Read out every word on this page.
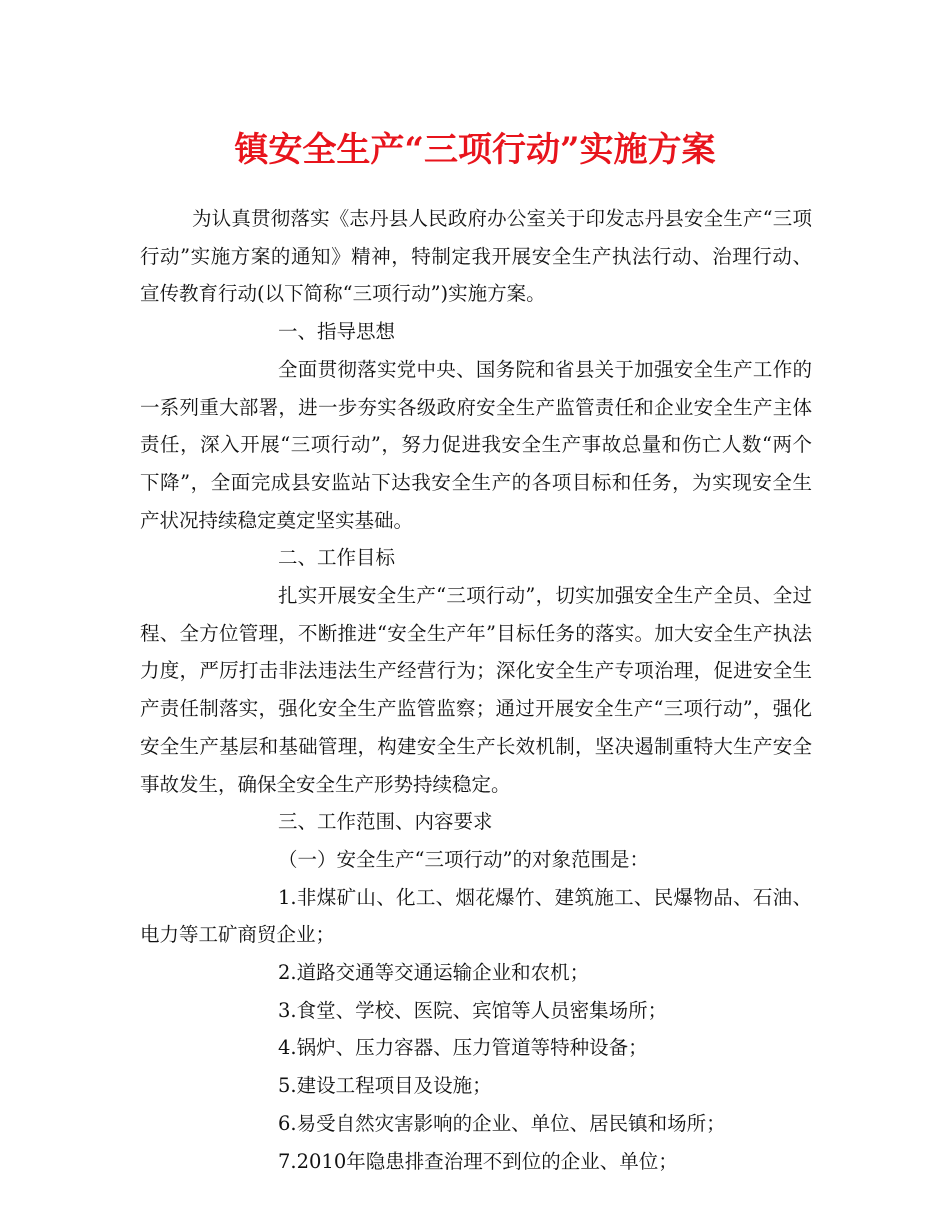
镇安全生产“三项行动”实施方案

为认真贯彻落实《志丹县人民政府办公室关于印发志丹县安全生产“三项行动”实施方案的通知》精神，特制定我开展安全生产执法行动、治理行动、宣传教育行动(以下简称“三项行动”)实施方案。

一、指导思想

全面贯彻落实党中央、国务院和省县关于加强安全生产工作的一系列重大部署，进一步夯实各级政府安全生产监管责任和企业安全生产主体责任，深入开展“三项行动”，努力促进我安全生产事故总量和伤亡人数“两个下降”，全面完成县安监站下达我安全生产的各项目标和任务，为实现安全生产状况持续稳定奠定坚实基础。

二、工作目标

扎实开展安全生产“三项行动”，切实加强安全生产全员、全过程、全方位管理，不断推进“安全生产年”目标任务的落实。加大安全生产执法力度，严厉打击非法违法生产经营行为；深化安全生产专项治理，促进安全生产责任制落实，强化安全生产监管监察；通过开展安全生产“三项行动”，强化安全生产基层和基础管理，构建安全生产长效机制，坚决遏制重特大生产安全事故发生，确保全安全生产形势持续稳定。

三、工作范围、内容要求

（一）安全生产“三项行动”的对象范围是：

1.非煤矿山、化工、烟花爆竹、建筑施工、民爆物品、石油、电力等工矿商贸企业；

2.道路交通等交通运输企业和农机；

3.食堂、学校、医院、宾馆等人员密集场所；

4.锅炉、压力容器、压力管道等特种设备；

5.建设工程项目及设施；

6.易受自然灾害影响的企业、单位、居民镇和场所；

7.2010年隐患排查治理不到位的企业、单位；
